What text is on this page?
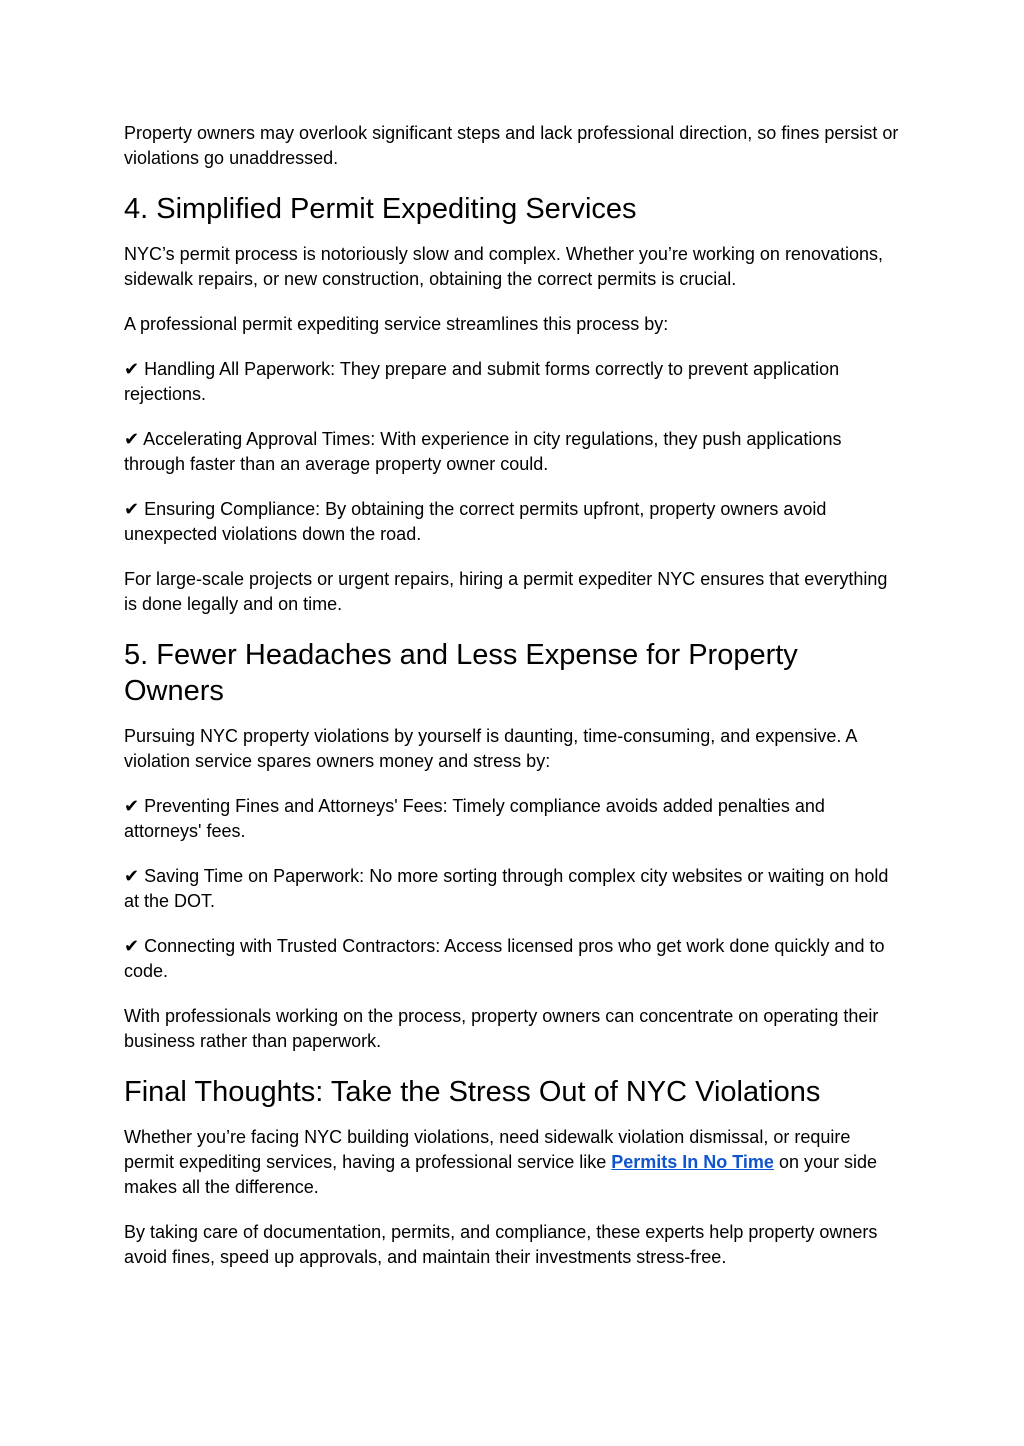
Property owners may overlook significant steps and lack professional direction, so fines persist or violations go unaddressed.

4. Simplified Permit Expediting Services

NYC’s permit process is notoriously slow and complex. Whether you’re working on renovations, sidewalk repairs, or new construction, obtaining the correct permits is crucial.

A professional permit expediting service streamlines this process by:

✔ Handling All Paperwork: They prepare and submit forms correctly to prevent application rejections.

✔ Accelerating Approval Times: With experience in city regulations, they push applications through faster than an average property owner could.

✔ Ensuring Compliance: By obtaining the correct permits upfront, property owners avoid unexpected violations down the road.

For large-scale projects or urgent repairs, hiring a permit expediter NYC ensures that everything is done legally and on time.

5. Fewer Headaches and Less Expense for Property Owners

Pursuing NYC property violations by yourself is daunting, time-consuming, and expensive. A violation service spares owners money and stress by:

✔ Preventing Fines and Attorneys' Fees: Timely compliance avoids added penalties and attorneys' fees.

✔ Saving Time on Paperwork: No more sorting through complex city websites or waiting on hold at the DOT.

✔ Connecting with Trusted Contractors: Access licensed pros who get work done quickly and to code.

With professionals working on the process, property owners can concentrate on operating their business rather than paperwork.

Final Thoughts: Take the Stress Out of NYC Violations

Whether you’re facing NYC building violations, need sidewalk violation dismissal, or require permit expediting services, having a professional service like Permits In No Time on your side makes all the difference.

By taking care of documentation, permits, and compliance, these experts help property owners avoid fines, speed up approvals, and maintain their investments stress-free.
